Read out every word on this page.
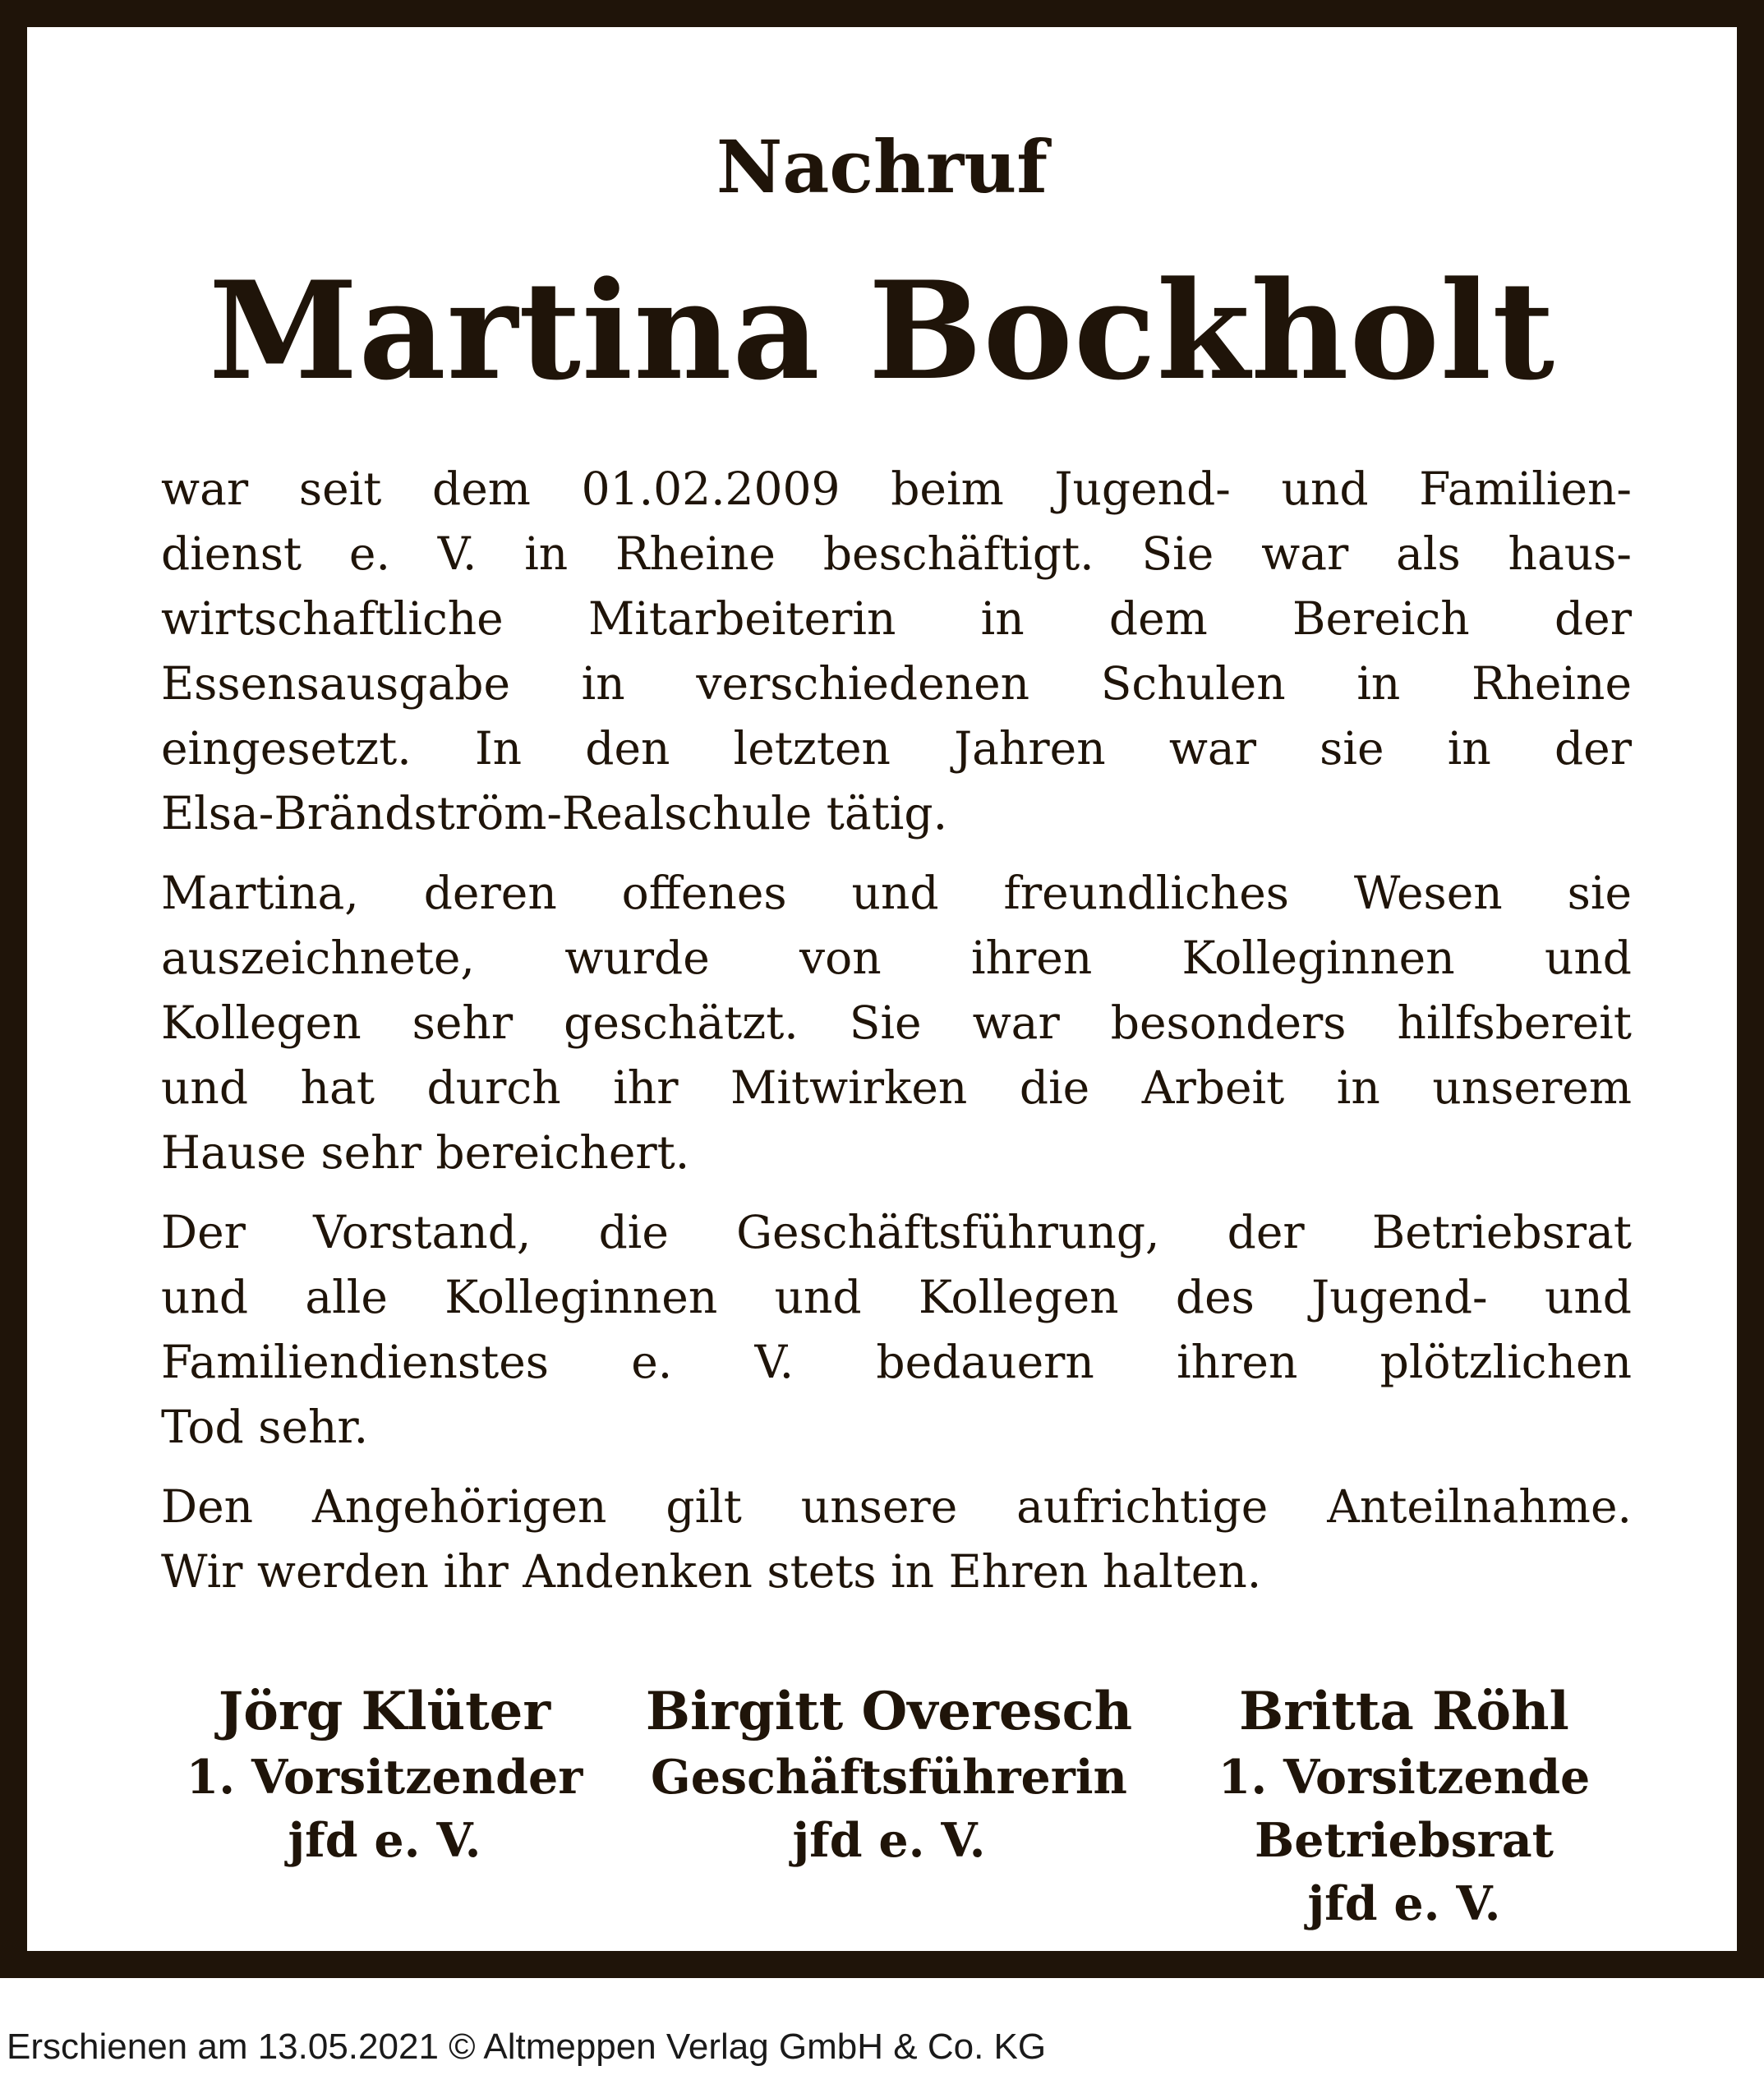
Nachruf
Martina Bockholt

war seit dem 01.02.2009 beim Jugend- und Familien-
dienst e. V. in Rheine beschäftigt. Sie war als haus-
wirtschaftliche Mitarbeiterin in dem Bereich der
Essensausgabe in verschiedenen Schulen in Rheine
eingesetzt. In den letzten Jahren war sie in der
Elsa-Brändström-Realschule tätig.

Martina, deren offenes und freundliches Wesen sie
auszeichnete, wurde von ihren Kolleginnen und
Kollegen sehr geschätzt. Sie war besonders hilfsbereit
und hat durch ihr Mitwirken die Arbeit in unserem
Hause sehr bereichert.

Der Vorstand, die Geschäftsführung, der Betriebsrat
und alle Kolleginnen und Kollegen des Jugend- und
Familiendienstes e. V. bedauern ihren plötzlichen
Tod sehr.

Den Angehörigen gilt unsere aufrichtige Anteilnahme.
Wir werden ihr Andenken stets in Ehren halten.

Jörg Klüter
1. Vorsitzender
jfd e. V.
Birgitt Overesch
Geschäftsführerin
jfd e. V.
Britta Röhl
1. Vorsitzende
Betriebsrat
jfd e. V.
Erschienen am 13.05.2021 © Altmeppen Verlag GmbH & Co. KG
